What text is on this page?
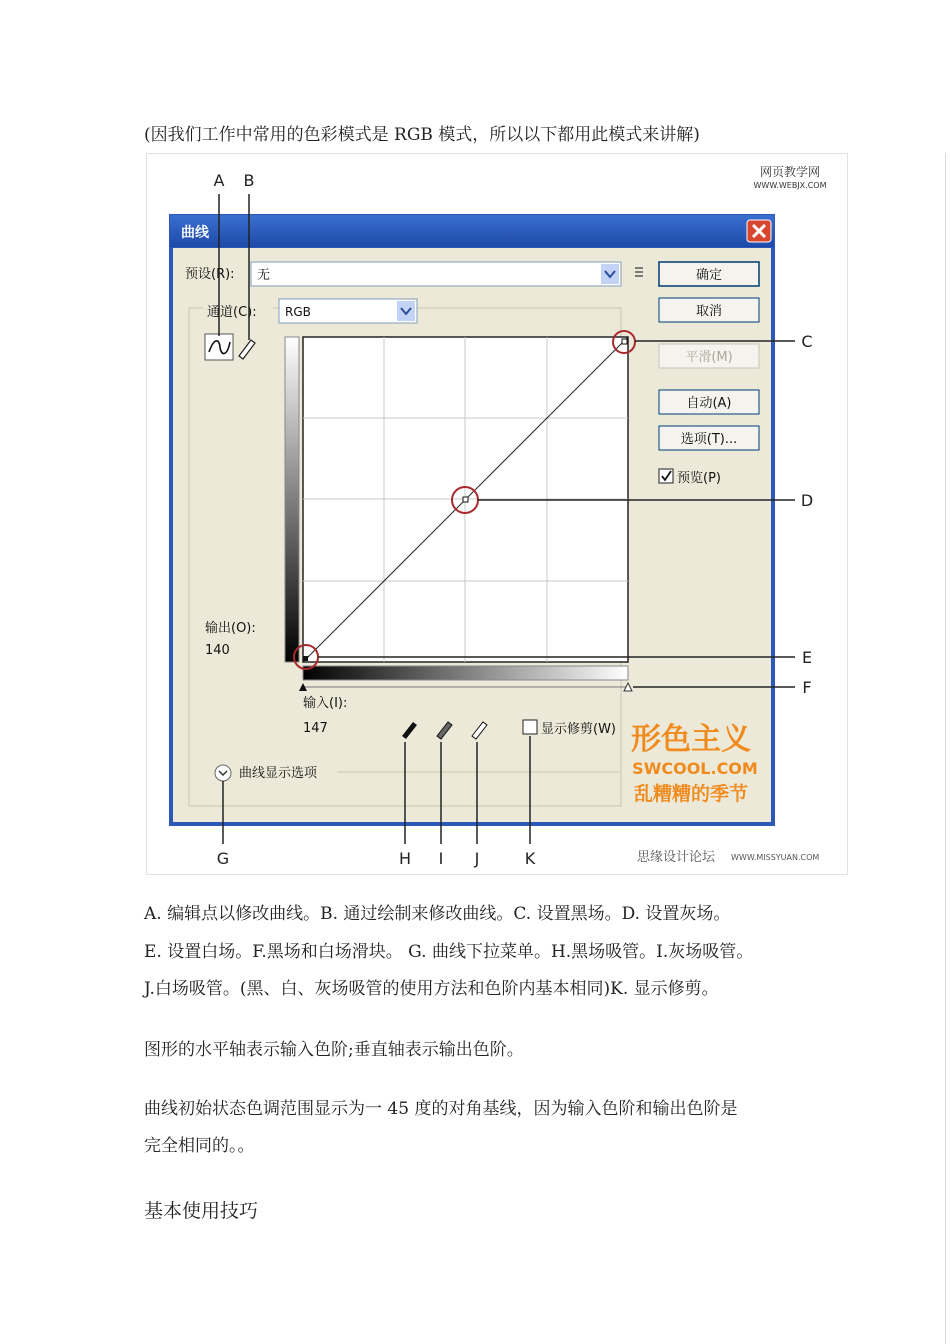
(因我们工作中常用的色彩模式是 RGB 模式，所以以下都用此模式来讲解)

网页教学网
WWW.WEBJX.COM
曲线
预设(R): 无
通道(C): RGB
输出(O):
140
输入(I):
147	显示修剪(W)
曲线显示选项
确定
取消
平滑(M)
自动(A)
选项(T)...
预览(P)
A B
C
D
E
F
G	H I J	K
形色主义
SWCOOL.COM
乱糟糟的季节
思缘设计论坛 WWW.MISSYUAN.COM

A. 编辑点以修改曲线。B. 通过绘制来修改曲线。C. 设置黑场。D. 设置灰场。

E. 设置白场。F.黑场和白场滑块。 G. 曲线下拉菜单。H.黑场吸管。I.灰场吸管。

J.白场吸管。(黑、白、灰场吸管的使用方法和色阶内基本相同)K. 显示修剪。

图形的水平轴表示输入色阶;垂直轴表示输出色阶。

曲线初始状态色调范围显示为一 45 度的对角基线，因为输入色阶和输出色阶是

完全相同的。。

基本使用技巧
